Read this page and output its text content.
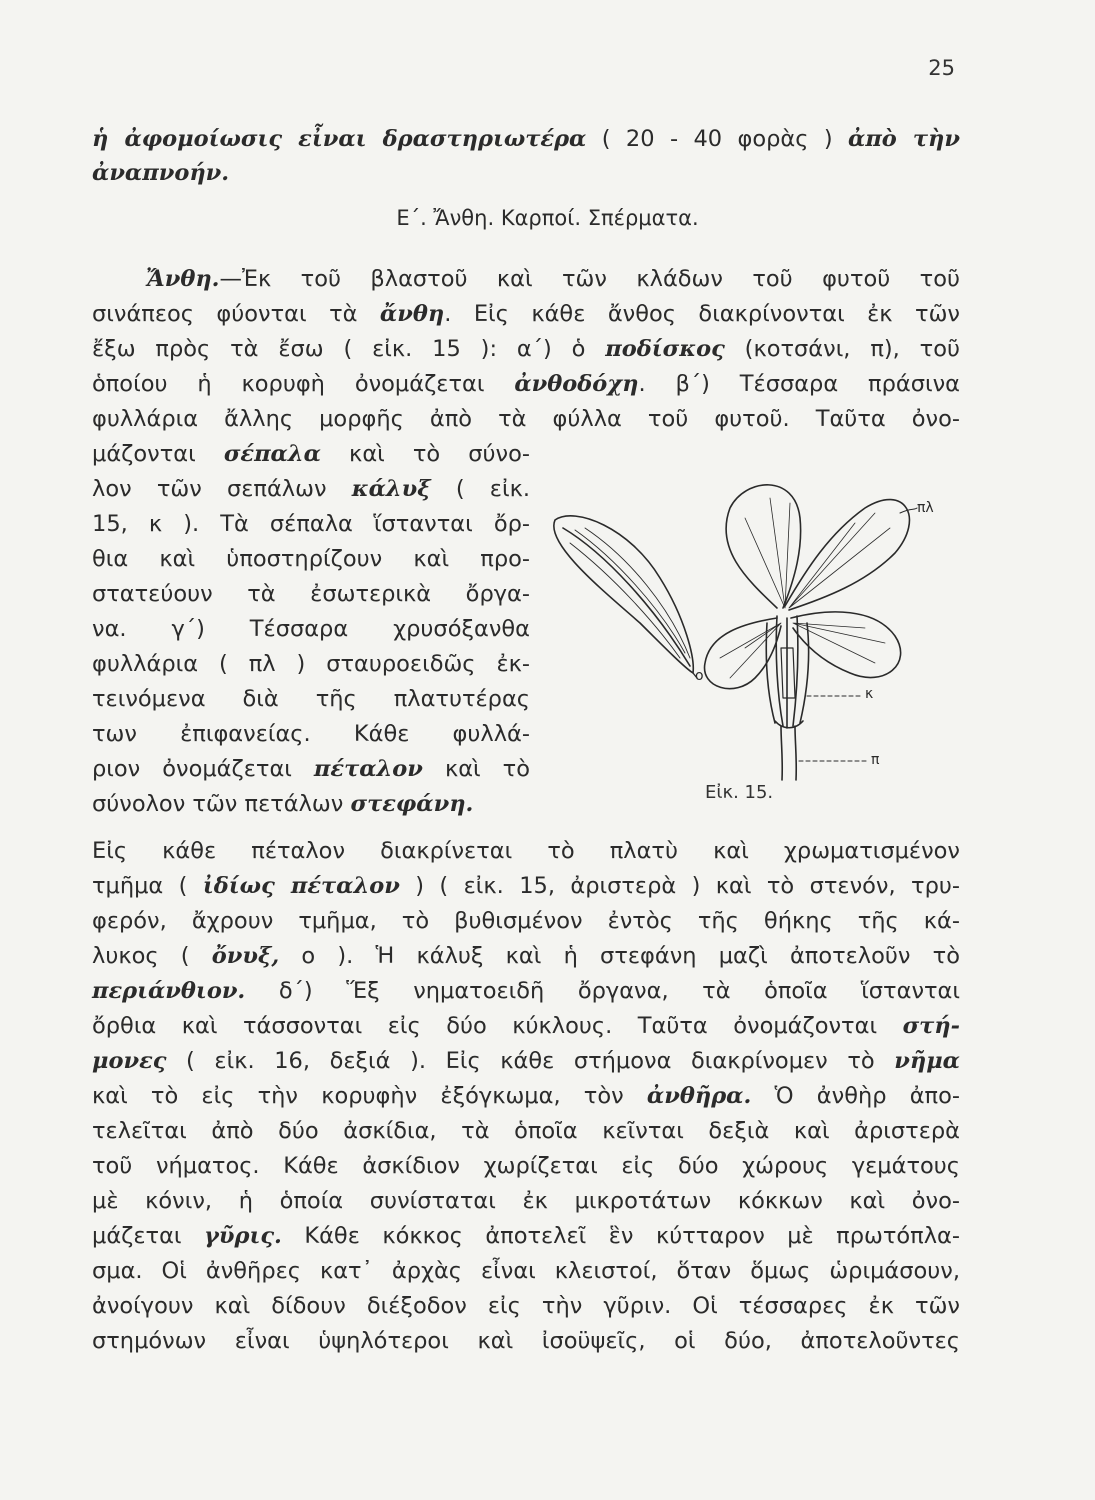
25
ἡ ἀφομοίωσις εἶναι δραστηριωτέρα ( 20 - 40 φορὰς ) ἀπὸ τὴν
ἀναπνοήν.
Ε΄. Ἄνθη. Καρποί. Σπέρματα.
Ἄνθη.—Ἐκ τοῦ βλαστοῦ καὶ τῶν κλάδων τοῦ φυτοῦ τοῦ
σινάπεος φύονται τὰ ἄνθη. Εἰς κάθε ἄνθος διακρίνονται ἐκ τῶν
ἔξω πρὸς τὰ ἔσω ( εἰκ. 15 ): α΄) ὁ ποδίσκος (κοτσάνι, π), τοῦ
ὁποίου ἡ κορυφὴ ὀνομάζεται ἀνθοδόχη. β΄) Τέσσαρα πράσινα
φυλλάρια ἄλλης μορφῆς ἀπὸ τὰ φύλλα τοῦ φυτοῦ. Ταῦτα ὀνο-
μάζονται σέπαλα καὶ τὸ σύνο-
λον τῶν σεπάλων κάλυξ ( εἰκ.
15, κ ). Τὰ σέπαλα ἵστανται ὄρ-
θια καὶ ὑποστηρίζουν καὶ προ-
στατεύουν τὰ ἐσωτερικὰ ὄργα-
να. γ΄) Τέσσαρα χρυσόξανθα
φυλλάρια ( πλ ) σταυροειδῶς ἐκ-
τεινόμενα διὰ τῆς πλατυτέρας
των ἐπιφανείας. Κάθε φυλλά-
ριον ὀνομάζεται πέταλον καὶ τὸ
σύνολον τῶν πετάλων στεφάνη.
Εἰς κάθε πέταλον διακρίνεται τὸ πλατὺ καὶ χρωματισμένον
τμῆμα ( ἰδίως πέταλον ) ( εἰκ. 15, ἀριστερὰ ) καὶ τὸ στενόν, τρυ-
φερόν, ἄχρουν τμῆμα, τὸ βυθισμένον ἐντὸς τῆς θήκης τῆς κά-
λυκος ( ὄνυξ, ο ). Ἡ κάλυξ καὶ ἡ στεφάνη μαζὶ ἀποτελοῦν τὸ
περιάνθιον. δ΄) Ἕξ νηματοειδῆ ὄργανα, τὰ ὁποῖα ἵστανται
ὄρθια καὶ τάσσονται εἰς δύο κύκλους. Ταῦτα ὀνομάζονται στή-
μονες ( εἰκ. 16, δεξιά ). Εἰς κάθε στήμονα διακρίνομεν τὸ νῆμα
καὶ τὸ εἰς τὴν κορυφὴν ἐξόγκωμα, τὸν ἀνθῆρα. Ὁ ἀνθὴρ ἀπο-
τελεῖται ἀπὸ δύο ἀσκίδια, τὰ ὁποῖα κεῖνται δεξιὰ καὶ ἀριστερὰ
τοῦ νήματος. Κάθε ἀσκίδιον χωρίζεται εἰς δύο χώρους γεμάτους
μὲ κόνιν, ἡ ὁποία συνίσταται ἐκ μικροτάτων κόκκων καὶ ὀνο-
μάζεται γῦρις. Κάθε κόκκος ἀποτελεῖ ἓν κύτταρον μὲ πρωτόπλα-
σμα. Οἱ ἀνθῆρες κατ᾽ ἀρχὰς εἶναι κλειστοί, ὅταν ὅμως ὡριμάσουν,
ἀνοίγουν καὶ δίδουν διέξοδον εἰς τὴν γῦριν. Οἱ τέσσαρες ἐκ τῶν
στημόνων εἶναι ὑψηλότεροι καὶ ἰσοϋψεῖς, οἱ δύο, ἀποτελοῦντες
πλ
ο
κ
π
Εἰκ. 15.
